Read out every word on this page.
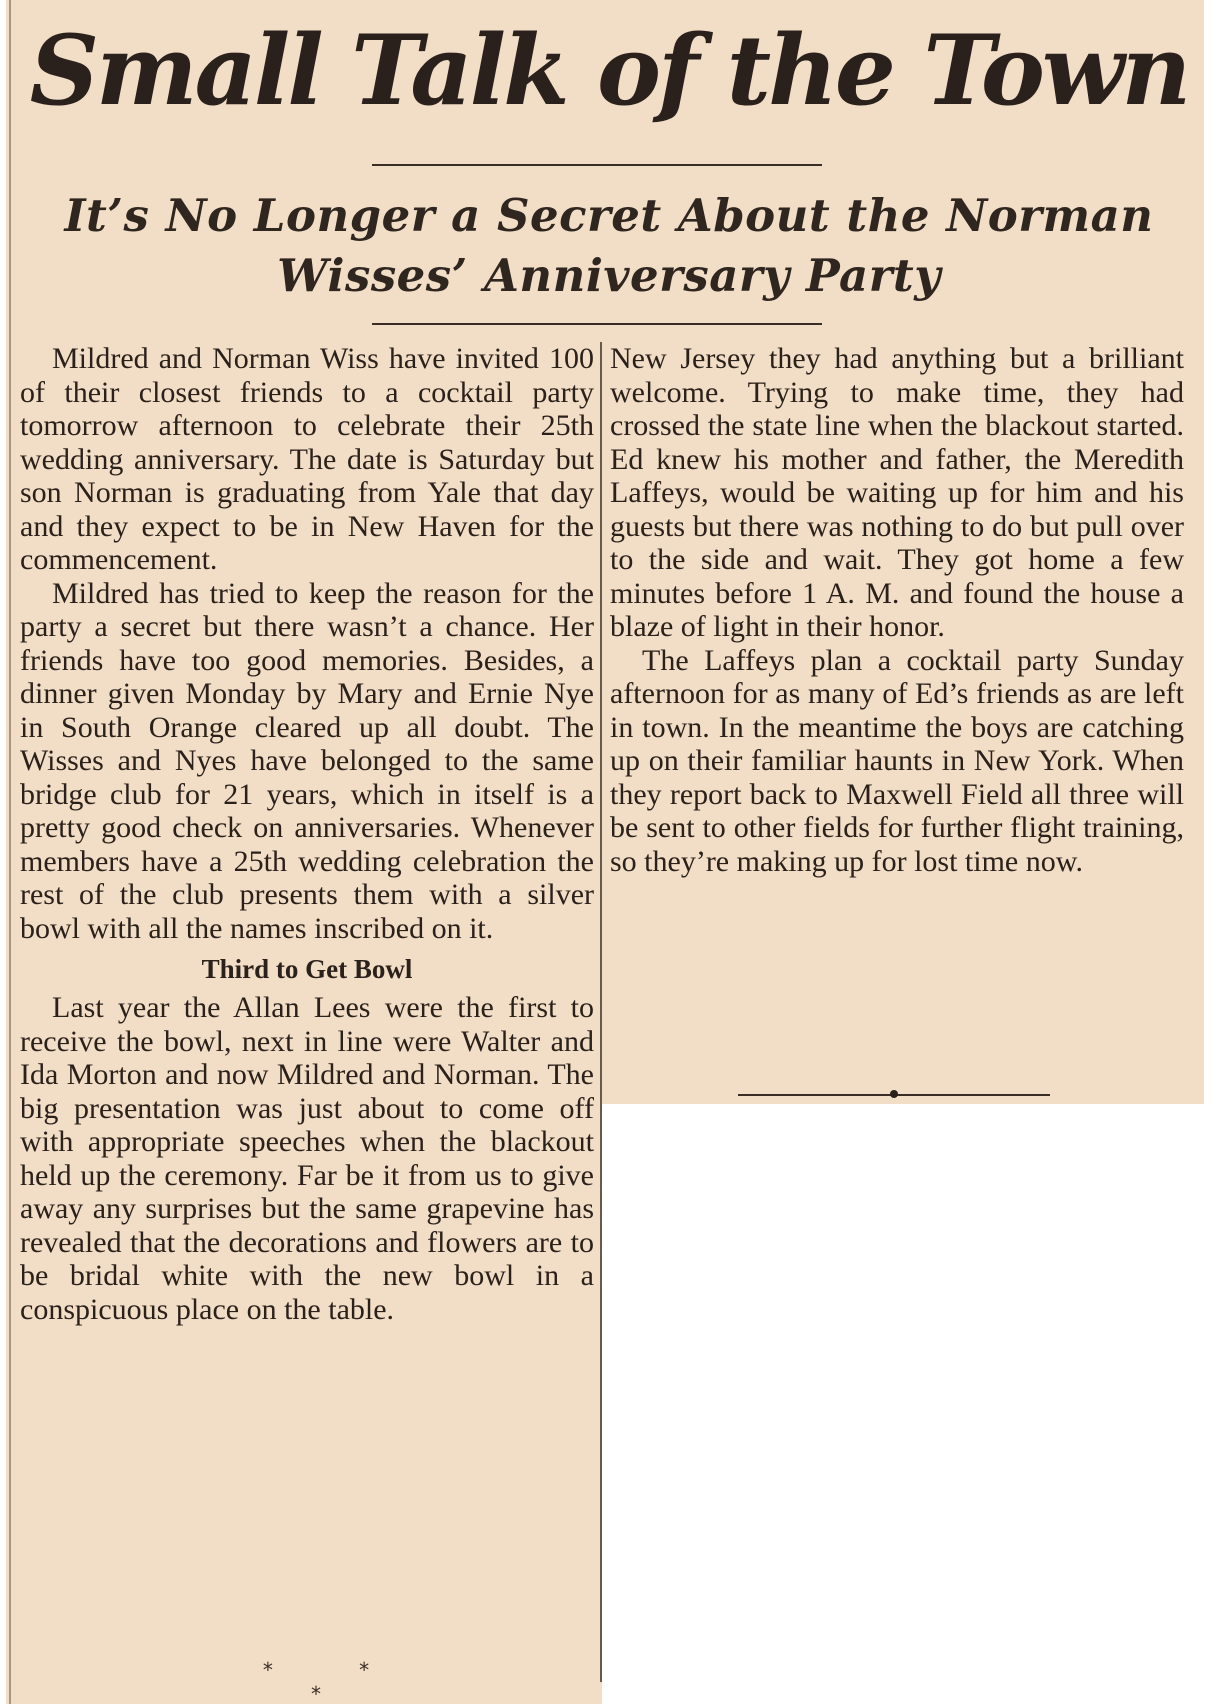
Small Talk of the Town
It’s No Longer a Secret About the Norman Wisses’ Anniversary Party

Mildred and Norman Wiss have invited 100 of their closest friends to a cocktail party tomorrow afternoon to celebrate their 25th wedding anniversary. The date is Saturday but son Norman is graduating from Yale that day and they expect to be in New Haven for the commencement.

Mildred has tried to keep the reason for the party a secret but there wasn’t a chance. Her friends have too good memories. Besides, a dinner given Monday by Mary and Ernie Nye in South Orange cleared up all doubt. The Wisses and Nyes have belonged to the same bridge club for 21 years, which in itself is a pretty good check on anniversaries. Whenever members have a 25th wedding celebration the rest of the club presents them with a silver bowl with all the names inscribed on it.

Third to Get Bowl

Last year the Allan Lees were the first to receive the bowl, next in line were Walter and Ida Morton and now Mildred and Norman. The big presentation was just about to come off with appropriate speeches when the blackout held up the ceremony. Far be it from us to give away any surprises but the same grapevine has revealed that the decorations and flowers are to be bridal white with the new bowl in a conspicuous place on the table.

* * *

New Jersey they had anything but a brilliant welcome. Trying to make time, they had crossed the state line when the blackout started. Ed knew his mother and father, the Meredith Laffeys, would be waiting up for him and his guests but there was nothing to do but pull over to the side and wait. They got home a few minutes before 1 A. M. and found the house a blaze of light in their honor.

The Laffeys plan a cocktail party Sunday afternoon for as many of Ed’s friends as are left in town. In the meantime the boys are catching up on their familiar haunts in New York. When they report back to Maxwell Field all three will be sent to other fields for further flight training, so they’re making up for lost time now.
